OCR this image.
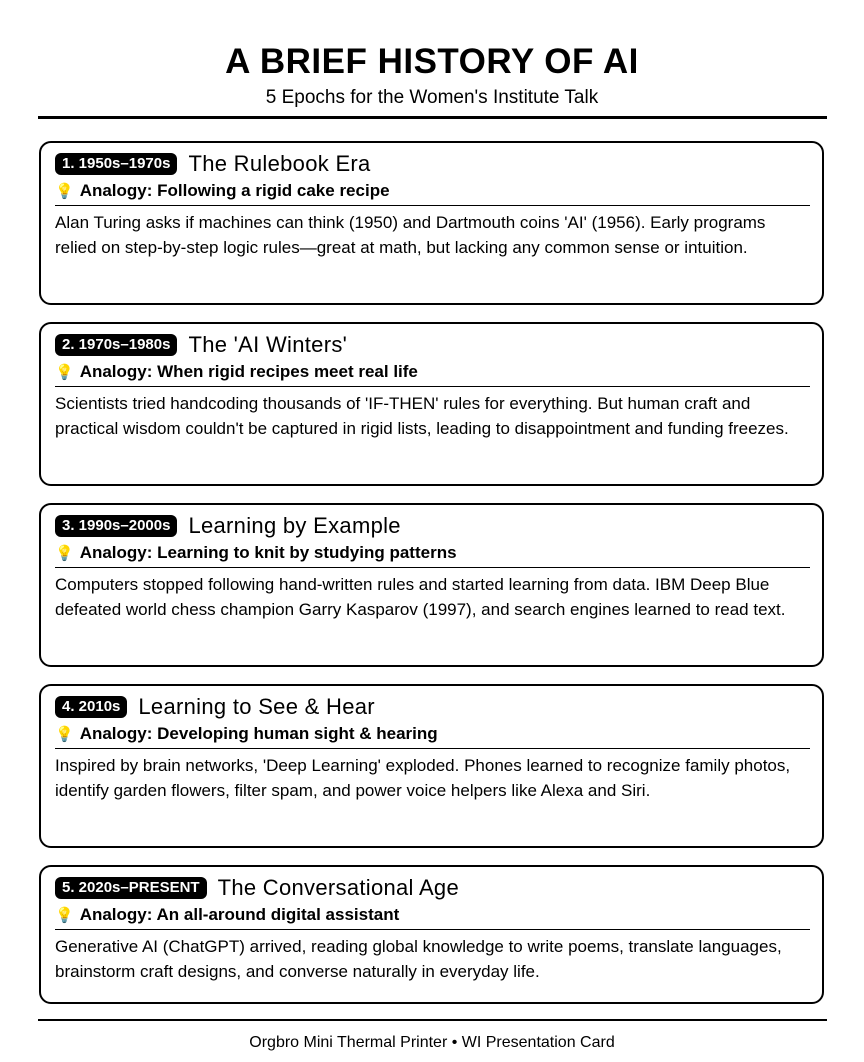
A BRIEF HISTORY OF AI
5 Epochs for the Women's Institute Talk
1. 1950s–1970s The Rulebook Era
💡 Analogy: Following a rigid cake recipe
Alan Turing asks if machines can think (1950) and Dartmouth coins 'AI' (1956). Early programs relied on step-by-step logic rules—great at math, but lacking any common sense or intuition.
2. 1970s–1980s The 'AI Winters'
💡 Analogy: When rigid recipes meet real life
Scientists tried handcoding thousands of 'IF-THEN' rules for everything. But human craft and practical wisdom couldn't be captured in rigid lists, leading to disappointment and funding freezes.
3. 1990s–2000s Learning by Example
💡 Analogy: Learning to knit by studying patterns
Computers stopped following hand-written rules and started learning from data. IBM Deep Blue defeated world chess champion Garry Kasparov (1997), and search engines learned to read text.
4. 2010s Learning to See & Hear
💡 Analogy: Developing human sight & hearing
Inspired by brain networks, 'Deep Learning' exploded. Phones learned to recognize family photos, identify garden flowers, filter spam, and power voice helpers like Alexa and Siri.
5. 2020s–PRESENT The Conversational Age
💡 Analogy: An all-around digital assistant
Generative AI (ChatGPT) arrived, reading global knowledge to write poems, translate languages, brainstorm craft designs, and converse naturally in everyday life.
Orgbro Mini Thermal Printer • WI Presentation Card
